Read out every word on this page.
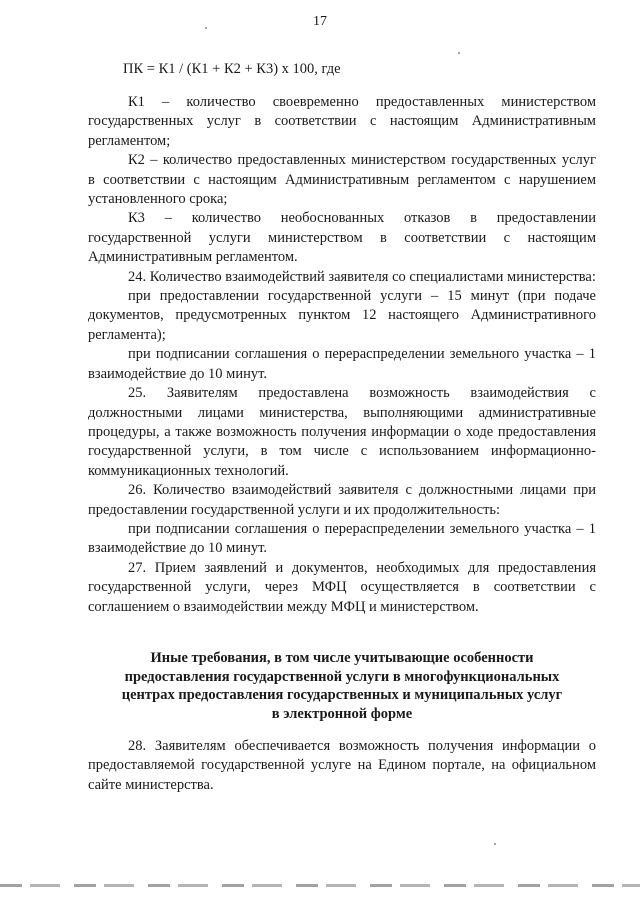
17
ПК = К1 / (К1 + К2 + К3) х 100, где

К1 – количество своевременно предоставленных министерством государственных услуг в соответствии с настоящим Административным регламентом;

К2 – количество предоставленных министерством государственных услуг в соответствии с настоящим Административным регламентом с нарушением установленного срока;

К3 – количество необоснованных отказов в предоставлении государственной услуги министерством в соответствии с настоящим Административным регламентом.

24. Количество взаимодействий заявителя со специалистами министерства:

при предоставлении государственной услуги – 15 минут (при подаче документов, предусмотренных пунктом 12 настоящего Административного регламента);

при подписании соглашения о перераспределении земельного участка – 1 взаимодействие до 10 минут.

25. Заявителям предоставлена возможность взаимодействия с должностными лицами министерства, выполняющими административные процедуры, а также возможность получения информации о ходе предоставления государственной услуги, в том числе с использованием информационно-коммуникационных технологий.

26. Количество взаимодействий заявителя с должностными лицами при предоставлении государственной услуги и их продолжительность:

при подписании соглашения о перераспределении земельного участка – 1 взаимодействие до 10 минут.

27. Прием заявлений и документов, необходимых для предоставления государственной услуги, через МФЦ осуществляется в соответствии с соглашением о взаимодействии между МФЦ и министерством.

Иные требования, в том числе учитывающие особенности
предоставления государственной услуги в многофункциональных
центрах предоставления государственных и муниципальных услуг
в электронной форме

28. Заявителям обеспечивается возможность получения информации о предоставляемой государственной услуге на Едином портале, на официальном сайте министерства.
